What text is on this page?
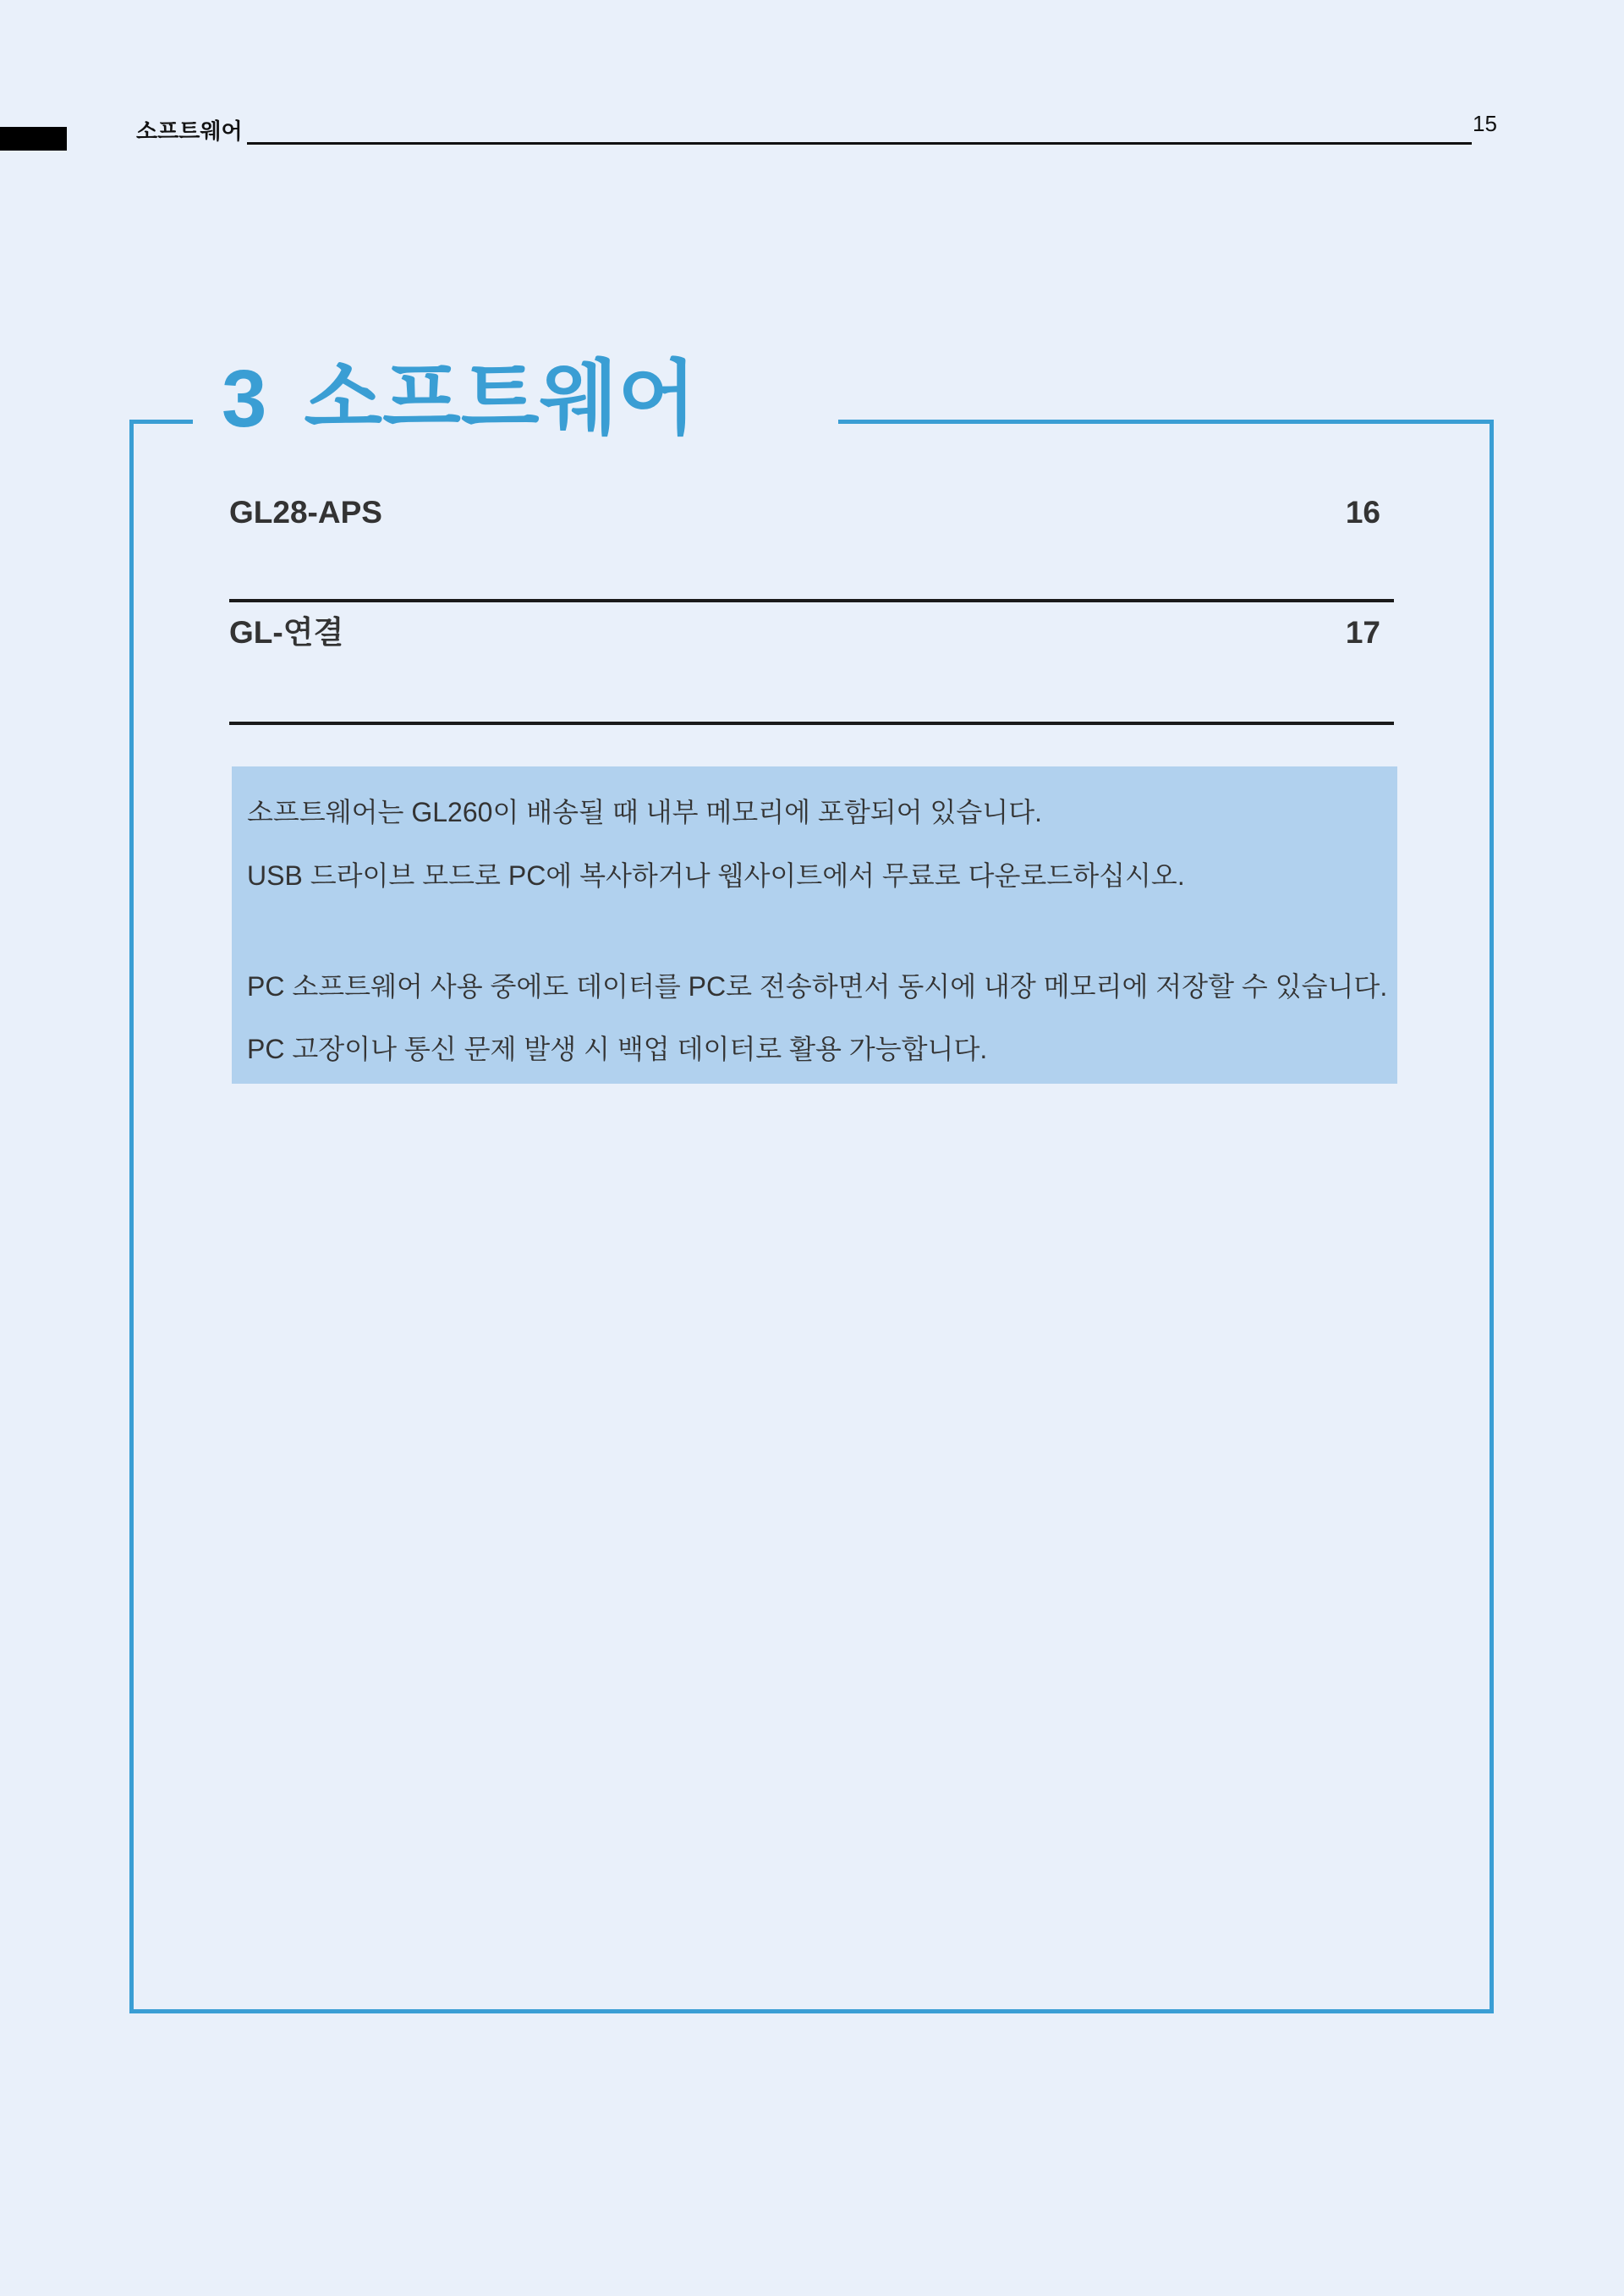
소프트웨어	15
3 소프트웨어
GL28-APS	16
GL-연결	17
소프트웨어는 GL260이 배송될 때 내부 메모리에 포함되어 있습니다.
USB 드라이브 모드로 PC에 복사하거나 웹사이트에서 무료로 다운로드하십시오.
PC 소프트웨어 사용 중에도 데이터를 PC로 전송하면서 동시에 내장 메모리에 저장할 수 있습니다.
PC 고장이나 통신 문제 발생 시 백업 데이터로 활용 가능합니다.
